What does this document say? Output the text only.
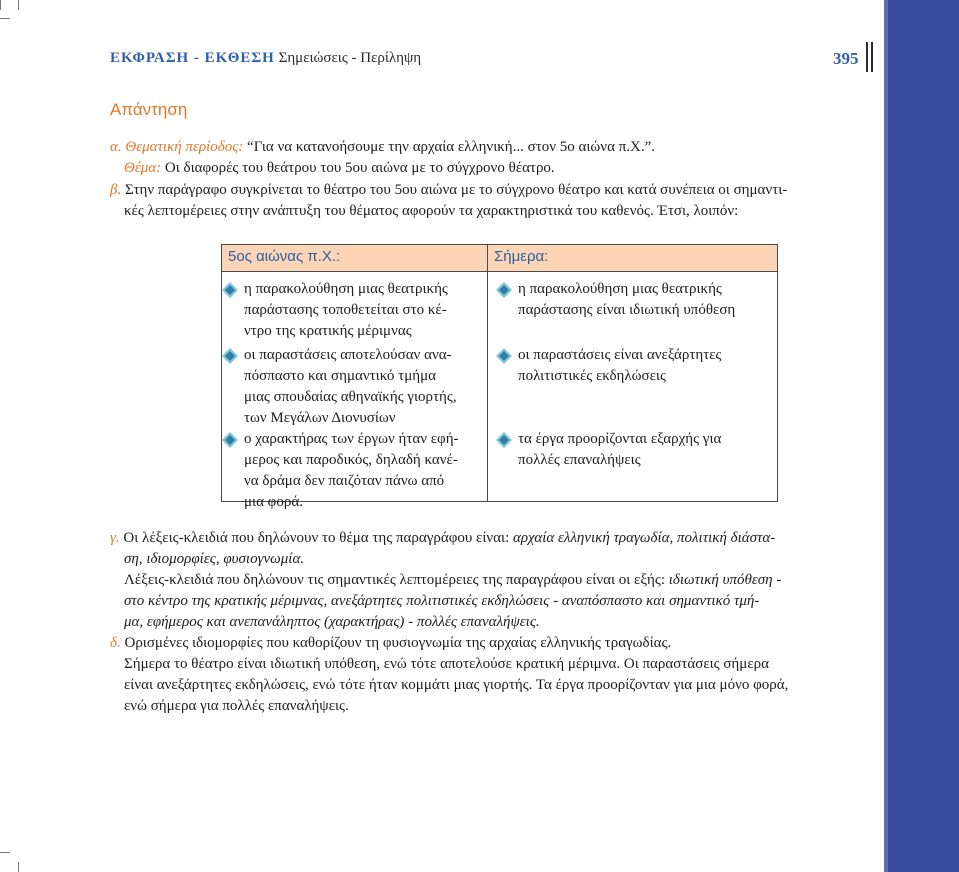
ΕΚΦΡΑΣΗ - ΕΚΘΕΣΗ Σημειώσεις - Περίληψη	395
Απάντηση
α. Θεματική περίοδος: “Για να κατανοήσουμε την αρχαία ελληνική... στον 5ο αιώνα π.Χ.”.
Θέμα: Οι διαφορές του θεάτρου του 5ου αιώνα με το σύγχρονο θέατρο.
β. Στην παράγραφο συγκρίνεται το θέατρο του 5ου αιώνα με το σύγχρονο θέατρο και κατά συνέπεια οι σημαντι-
κές λεπτομέρειες στην ανάπτυξη του θέματος αφορούν τα χαρακτηριστικά του καθενός. Έτσι, λοιπόν:
5ος αιώνας π.Χ.:	Σήμερα:
η παρακολούθηση μιας θεατρικής
παράστασης τοποθετείται στο κέ-
ντρο της κρατικής μέριμνας
οι παραστάσεις αποτελούσαν ανα-
πόσπαστο και σημαντικό τμήμα
μιας σπουδαίας αθηναϊκής γιορτής,
των Μεγάλων Διονυσίων
ο χαρακτήρας των έργων ήταν εφή-
μερος και παροδικός, δηλαδή κανέ-
να δράμα δεν παιζόταν πάνω από
μια φορά.
η παρακολούθηση μιας θεατρικής
παράστασης είναι ιδιωτική υπόθεση
οι παραστάσεις είναι ανεξάρτητες
πολιτιστικές εκδηλώσεις
τα έργα προορίζονται εξαρχής για
πολλές επαναλήψεις
γ. Οι λέξεις-κλειδιά που δηλώνουν το θέμα της παραγράφου είναι: αρχαία ελληνική τραγωδία, πολιτική διάστα-
ση, ιδιομορφίες, φυσιογνωμία.
Λέξεις-κλειδιά που δηλώνουν τις σημαντικές λεπτομέρειες της παραγράφου είναι οι εξής: ιδιωτική υπόθεση -
στο κέντρο της κρατικής μέριμνας, ανεξάρτητες πολιτιστικές εκδηλώσεις - αναπόσπαστο και σημαντικό τμή-
μα, εφήμερος και ανεπανάληπτος (χαρακτήρας) - πολλές επαναλήψεις.
δ. Ορισμένες ιδιομορφίες που καθορίζουν τη φυσιογνωμία της αρχαίας ελληνικής τραγωδίας.
Σήμερα το θέατρο είναι ιδιωτική υπόθεση, ενώ τότε αποτελούσε κρατική μέριμνα. Οι παραστάσεις σήμερα
είναι ανεξάρτητες εκδηλώσεις, ενώ τότε ήταν κομμάτι μιας γιορτής. Τα έργα προορίζονταν για μια μόνο φορά,
ενώ σήμερα για πολλές επαναλήψεις.
